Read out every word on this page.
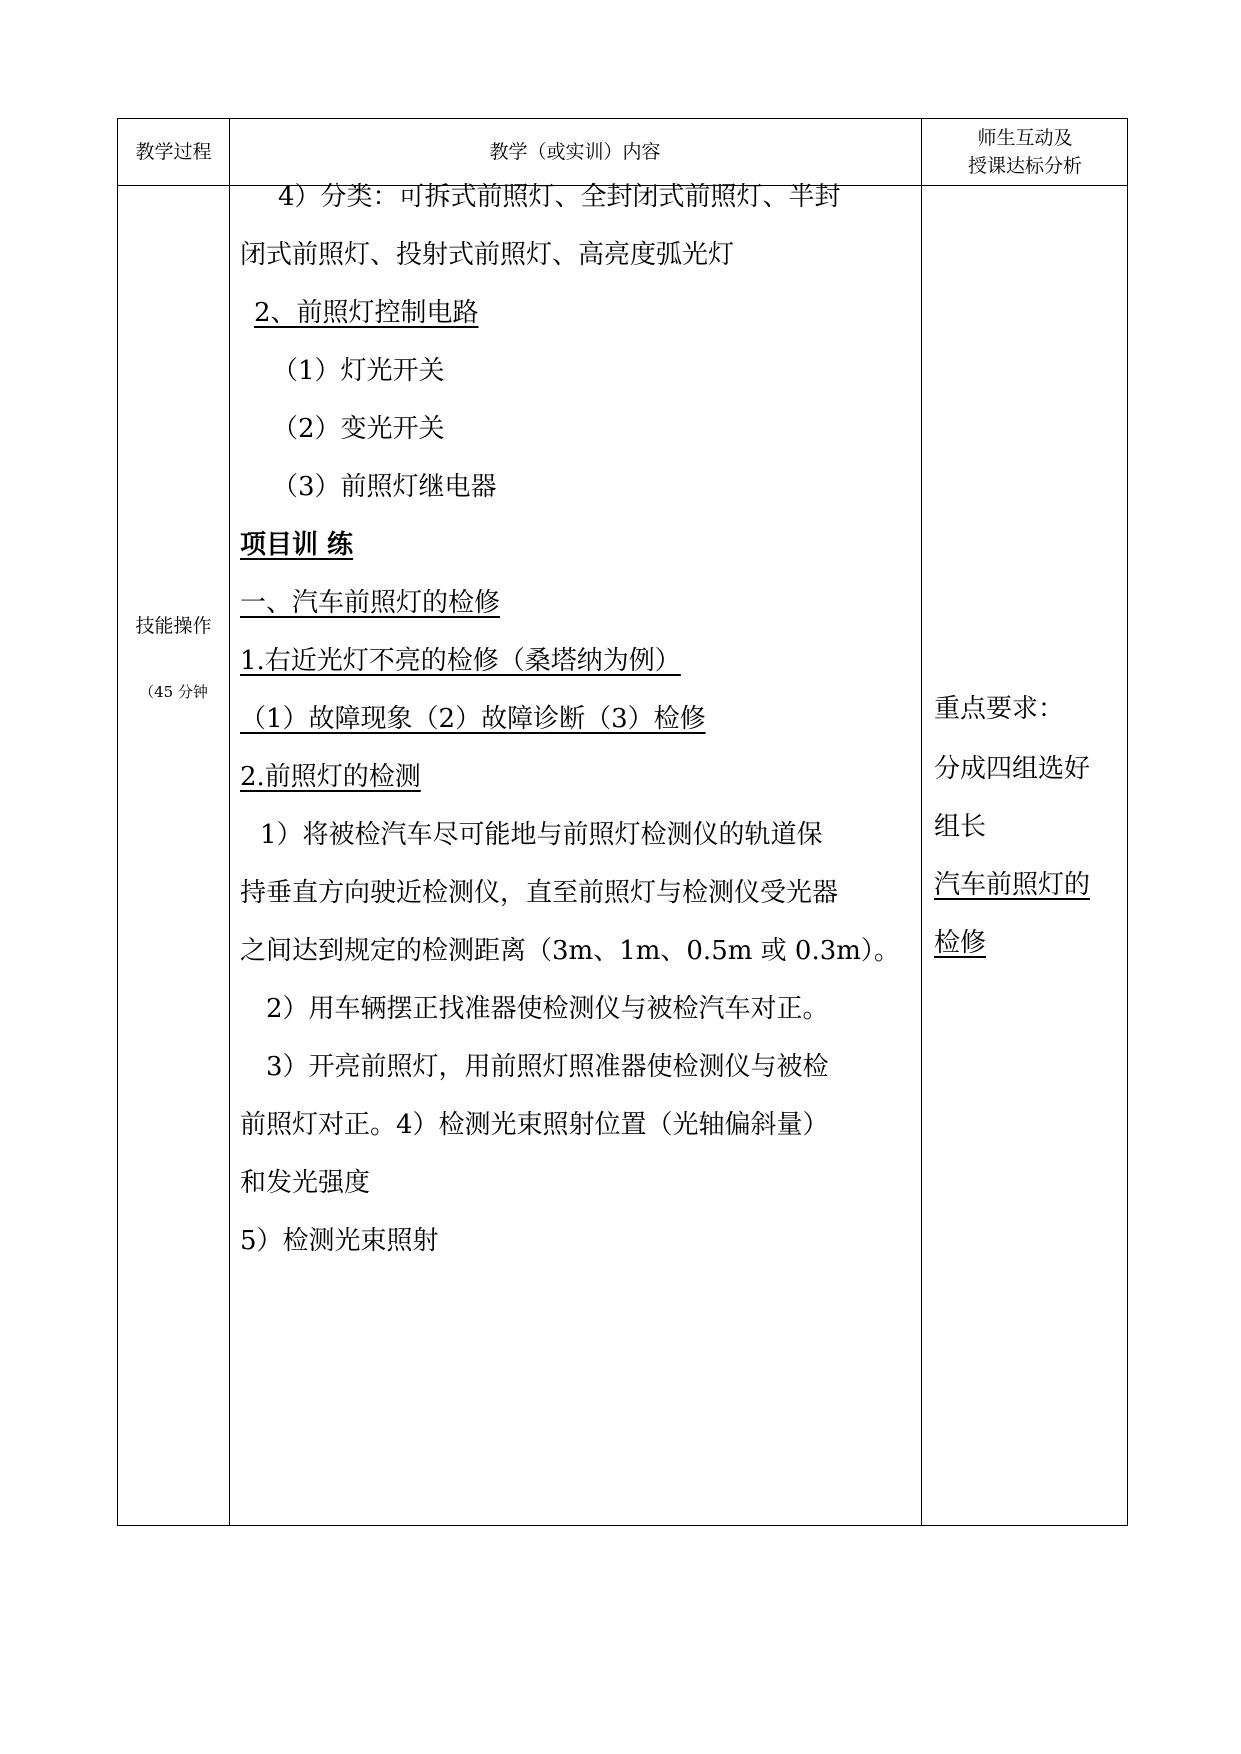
教学过程	教学（或实训）内容
师生互动及
授课达标分析
技能操作
（45 分钟
4）分类：可拆式前照灯、全封闭式前照灯、半封
闭式前照灯、投射式前照灯、高亮度弧光灯
2、前照灯控制电路
（1）灯光开关
（2）变光开关
（3）前照灯继电器
项目训 练
一、汽车前照灯的检修
1.右近光灯不亮的检修（桑塔纳为例）
（1）故障现象（2）故障诊断（3）检修
2.前照灯的检测
1）将被检汽车尽可能地与前照灯检测仪的轨道保
持垂直方向驶近检测仪，直至前照灯与检测仪受光器
之间达到规定的检测距离（3m、1m、0.5m 或 0.3m）。
2）用车辆摆正找准器使检测仪与被检汽车对正。
3）开亮前照灯，用前照灯照准器使检测仪与被检
前照灯对正。4）检测光束照射位置（光轴偏斜量）
和发光强度
5）检测光束照射
重点要求：
分成四组选好
组长
汽车前照灯的
检修
